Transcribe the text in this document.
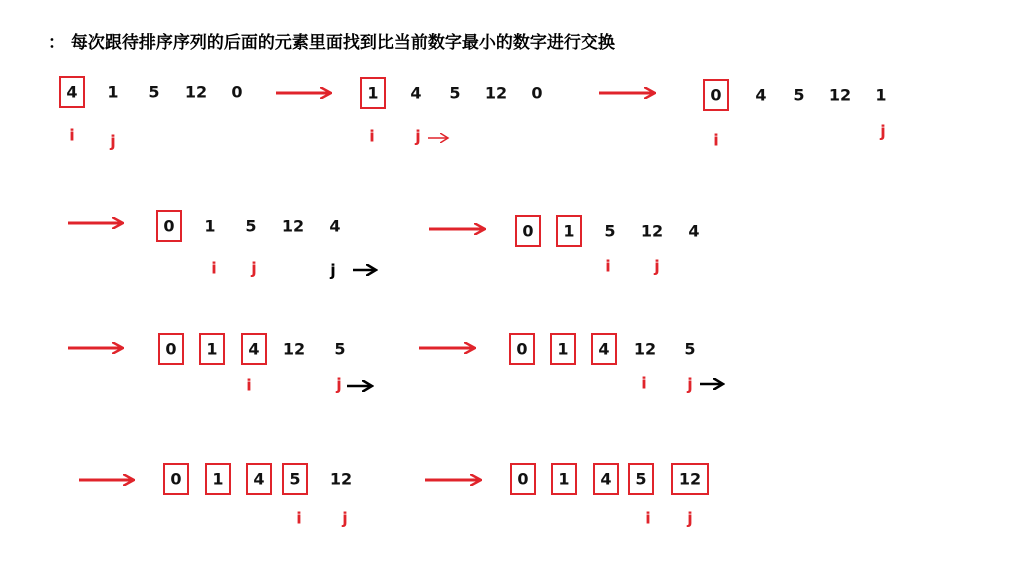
： 每次跟待排序序列的后面的元素里面找到比当前数字最小的数字进行交换
4 1 5 12 0
i j
1 4 5 12 0
i	j
0 4 5 12 1
i	j
0 1 5 12 4
i j	j
0 1 5 12 4
i	j
0 1 4 12 5
i	j
0 1 4 12 5
i	j
0 1 4 5 12
i	j
0 1 4 5 12
i j
